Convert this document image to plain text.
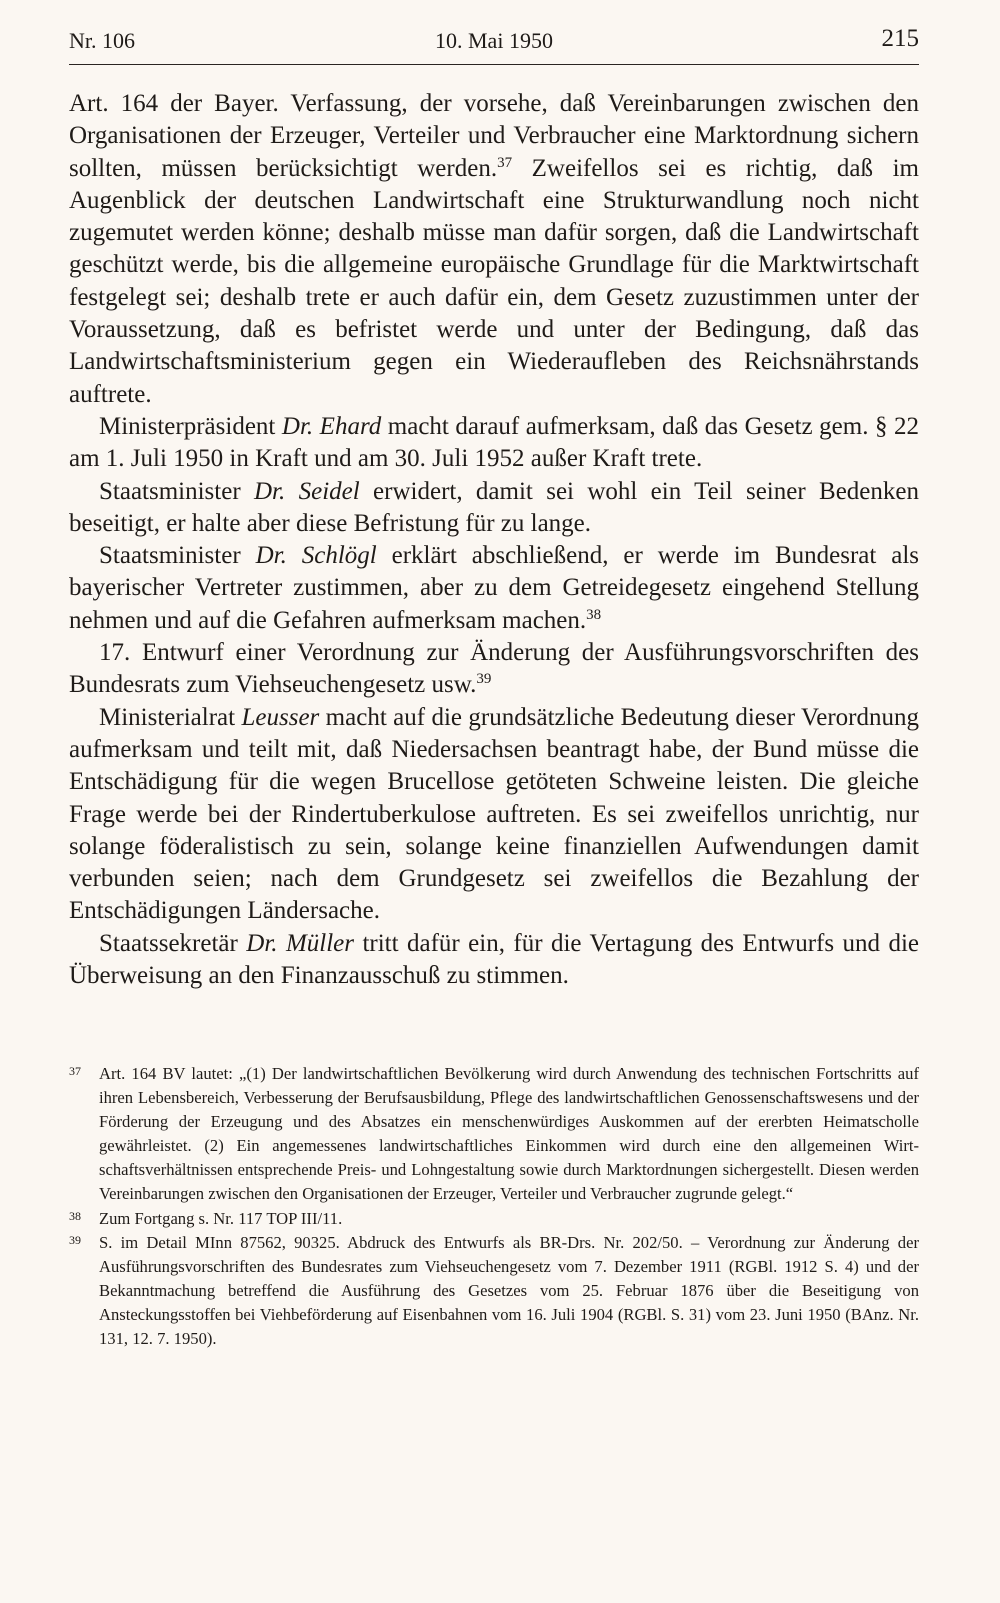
Nr. 106	10. Mai 1950	215

Art. 164 der Bayer. Verfassung, der vorsehe, daß Vereinbarungen zwischen den Organisationen der Erzeuger, Verteiler und Verbraucher eine Marktordnung sichern sollten, müssen berücksichtigt werden.$^{37}$ Zweifellos sei es richtig, daß im Augenblick der deutschen Landwirtschaft eine Strukturwandlung noch nicht zugemutet werden könne; deshalb müsse man dafür sorgen, daß die Landwirtschaft geschützt werde, bis die allgemeine europäische Grundlage für die Marktwirtschaft festgelegt sei; deshalb trete er auch dafür ein, dem Gesetz zuzustimmen unter der Voraussetzung, daß es befristet werde und unter der Bedingung, daß das Landwirtschaftsministerium gegen ein Wiederaufleben des Reichsnährstands auftrete.

Ministerpräsident Dr. Ehard macht darauf aufmerksam, daß das Gesetz gem. § 22 am 1. Juli 1950 in Kraft und am 30. Juli 1952 außer Kraft trete.

Staatsminister Dr. Seidel erwidert, damit sei wohl ein Teil seiner Bedenken beseitigt, er halte aber diese Befristung für zu lange.

Staatsminister Dr. Schlögl erklärt abschließend, er werde im Bundesrat als bayerischer Vertreter zustimmen, aber zu dem Getreidegesetz eingehend Stellung nehmen und auf die Gefahren aufmerksam machen.$^{38}$

17. Entwurf einer Verordnung zur Änderung der Ausführungsvorschriften des Bundesrats zum Viehseuchengesetz usw.$^{39}$

Ministerialrat Leusser macht auf die grundsätzliche Bedeutung dieser Verordnung aufmerksam und teilt mit, daß Niedersachsen beantragt habe, der Bund müsse die Entschädigung für die wegen Brucellose getöteten Schweine leisten. Die gleiche Frage werde bei der Rindertuberkulose auftreten. Es sei zweifellos unrichtig, nur solange föderalistisch zu sein, solange keine finanziellen Aufwendungen damit verbunden seien; nach dem Grundgesetz sei zweifellos die Bezahlung der Entschädigungen Ländersache.

Staatssekretär Dr. Müller tritt dafür ein, für die Vertagung des Entwurfs und die Überweisung an den Finanzausschuß zu stimmen.

37 Art. 164 BV lautet: „(1) Der landwirtschaftlichen Bevölkerung wird durch Anwendung des technischen Fortschritts auf ihren Lebensbereich, Verbesserung der Berufsausbildung, Pflege des landwirtschaftlichen Genossenschaftswesens und der Förderung der Erzeugung und des Absatzes ein menschenwürdiges Auskommen auf der ererbten Heimatscholle gewährleistet. (2) Ein angemessenes landwirtschaftliches Einkommen wird durch eine den allgemeinen Wirtschaftsverhältnissen entsprechende Preis- und Lohngestaltung sowie durch Marktordnungen sichergestellt. Diesen werden Vereinbarungen zwischen den Organisationen der Erzeuger, Verteiler und Verbraucher zugrunde gelegt.“

38 Zum Fortgang s. Nr. 117 TOP III/11.

39 S. im Detail MInn 87562, 90325. Abdruck des Entwurfs als BR-Drs. Nr. 202/50. – Verordnung zur Änderung der Ausführungsvorschriften des Bundesrates zum Viehseuchengesetz vom 7. Dezember 1911 (RGBl. 1912 S. 4) und der Bekanntmachung betreffend die Ausführung des Gesetzes vom 25. Februar 1876 über die Beseitigung von Ansteckungsstoffen bei Viehbeförderung auf Eisenbahnen vom 16. Juli 1904 (RGBl. S. 31) vom 23. Juni 1950 (BAnz. Nr. 131, 12. 7. 1950).
